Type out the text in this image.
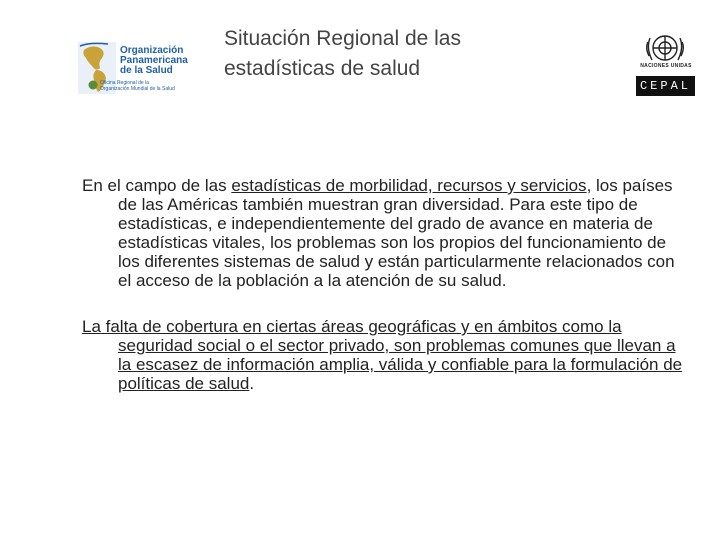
Organización
Panamericana
de la Salud
Oficina Regional de la
Organización Mundial de la Salud
Situación Regional de las
estadísticas de salud	NACIONES UNIDAS
CEPAL

En el campo de las estadísticas de morbilidad, recursos y servicios, los países de las Américas también muestran gran diversidad. Para este tipo de estadísticas, e independientemente del grado de avance en materia de estadísticas vitales, los problemas son los propios del funcionamiento de los diferentes sistemas de salud y están particularmente relacionados con el acceso de la población a la atención de su salud.

La falta de cobertura en ciertas áreas geográficas y en ámbitos como la seguridad social o el sector privado, son problemas comunes que llevan a la escasez de información amplia, válida y confiable para la formulación de políticas de salud.
